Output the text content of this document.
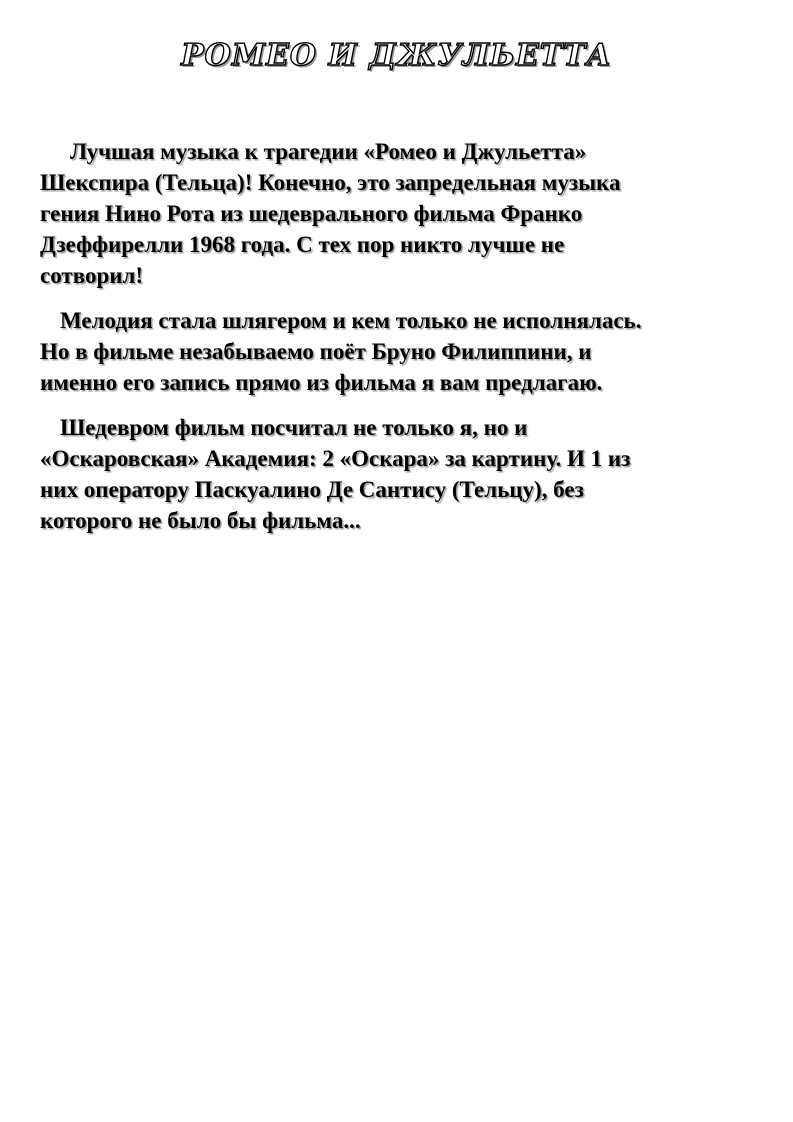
РОМЕО И ДЖУЛЬЕТТА

Лучшая музыка к трагедии «Ромео и Джульетта»
Шекспира (Тельца)! Конечно, это запредельная музыка
гения Нино Рота из шедеврального фильма Франко
Дзеффирелли 1968 года. С тех пор никто лучше не
сотворил!

Мелодия стала шлягером и кем только не исполнялась.
Но в фильме незабываемо поёт Бруно Филиппини, и
именно его запись прямо из фильма я вам предлагаю.

Шедевром фильм посчитал не только я, но и
«Оскаровская» Академия: 2 «Оскара» за картину. И 1 из
них оператору Паскуалино Де Сантису (Тельцу), без
которого не было бы фильма...
